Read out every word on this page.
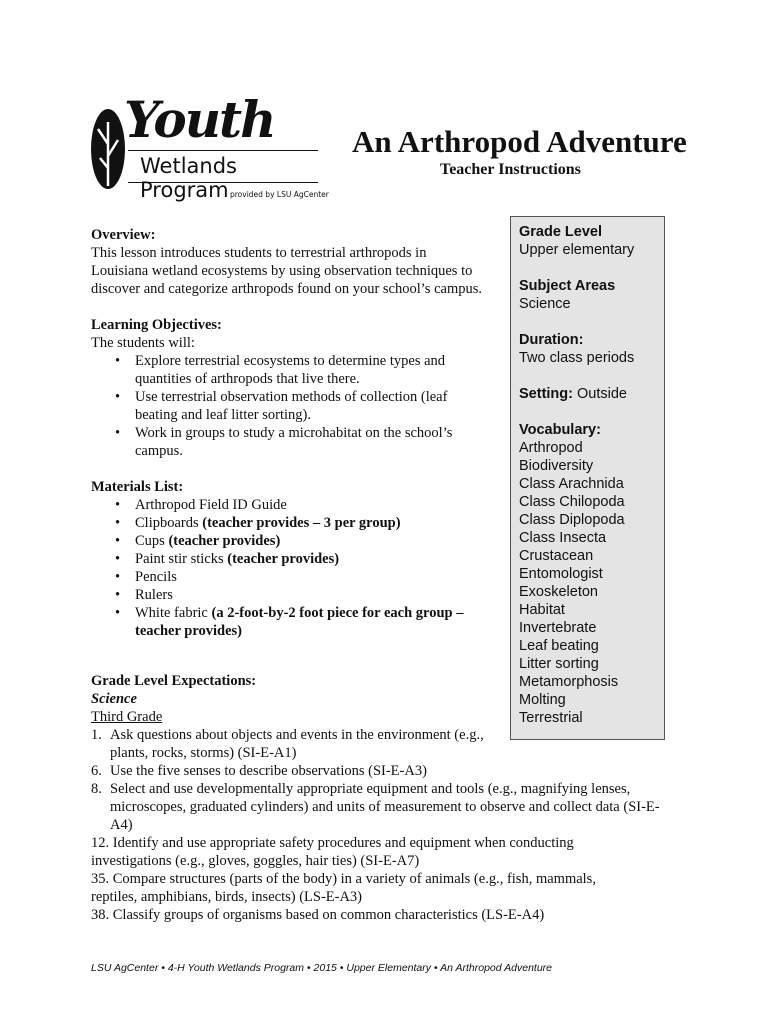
Youth
Wetlands Program provided by LSU AgCenter
An Arthropod Adventure
Teacher Instructions
Grade Level
Upper elementary
Subject Areas
Science
Duration:
Two class periods
Setting: Outside
Vocabulary:
Arthropod
Biodiversity
Class Arachnida
Class Chilopoda
Class Diplopoda
Class Insecta
Crustacean
Entomologist
Exoskeleton
Habitat
Invertebrate
Leaf beating
Litter sorting
Metamorphosis
Molting
Terrestrial
Overview:
This lesson introduces students to terrestrial arthropods in
Louisiana wetland ecosystems by using observation techniques to
discover and categorize arthropods found on your school’s campus.
Learning Objectives:
The students will:
• Explore terrestrial ecosystems to determine types and
quantities of arthropods that live there.
• Use terrestrial observation methods of collection (leaf
beating and leaf litter sorting).
• Work in groups to study a microhabitat on the school’s
campus.
Materials List:
• Arthropod Field ID Guide
• Clipboards (teacher provides – 3 per group)
• Cups (teacher provides)
• Paint stir sticks (teacher provides)
• Pencils
• Rulers
• White fabric (a 2-foot-by-2 foot piece for each group –
teacher provides)
Grade Level Expectations:
Science
Third Grade
1. Ask questions about objects and events in the environment (e.g.,
plants, rocks, storms) (SI-E-A1)
6. Use the five senses to describe observations (SI-E-A3)
8. Select and use developmentally appropriate equipment and tools (e.g., magnifying lenses,
microscopes, graduated cylinders) and units of measurement to observe and collect data (SI-E-
A4)
12. Identify and use appropriate safety procedures and equipment when conducting
investigations (e.g., gloves, goggles, hair ties) (SI-E-A7)
35. Compare structures (parts of the body) in a variety of animals (e.g., fish, mammals,
reptiles, amphibians, birds, insects) (LS-E-A3)
38. Classify groups of organisms based on common characteristics (LS-E-A4)
LSU AgCenter • 4-H Youth Wetlands Program • 2015 • Upper Elementary • An Arthropod Adventure
